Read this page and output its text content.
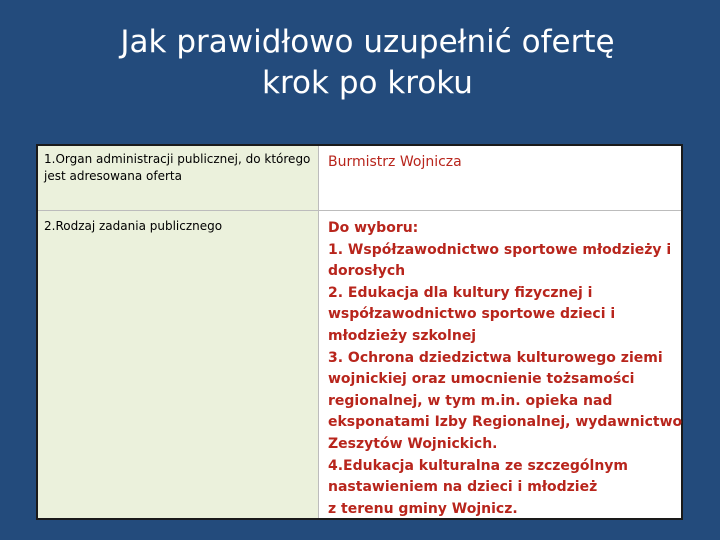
Jak prawidłowo uzupełnić ofertę
krok po kroku
1.Organ administracji publicznej, do którego jest adresowana oferta
Burmistrz Wojnicza
2.Rodzaj zadania publicznego	Do wyboru:
1. Współzawodnictwo sportowe młodzieży i
dorosłych
2. Edukacja dla kultury fizycznej i
współzawodnictwo sportowe dzieci i
młodzieży szkolnej
3. Ochrona dziedzictwa kulturowego ziemi
wojnickiej oraz umocnienie tożsamości
regionalnej, w tym m.in. opieka nad
eksponatami Izby Regionalnej, wydawnictwo
Zeszytów Wojnickich.
4.Edukacja kulturalna ze szczególnym
nastawieniem na dzieci i młodzież
z terenu gminy Wojnicz.
